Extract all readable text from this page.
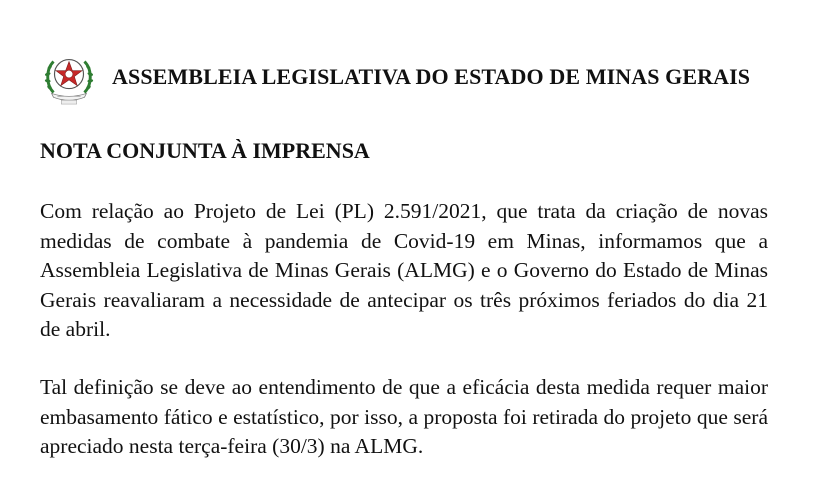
ASSEMBLEIA LEGISLATIVA DO ESTADO DE MINAS GERAIS
NOTA CONJUNTA À IMPRENSA

Com relação ao Projeto de Lei (PL) 2.591/2021, que trata da criação de novas medidas de combate à pandemia de Covid-19 em Minas, informamos que a Assembleia Legislativa de Minas Gerais (ALMG) e o Governo do Estado de Minas Gerais reavaliaram a necessidade de antecipar os três próximos feriados do dia 21 de abril.

Tal definição se deve ao entendimento de que a eficácia desta medida requer maior embasamento fático e estatístico, por isso, a proposta foi retirada do projeto que será apreciado nesta terça-feira (30/3) na ALMG.
